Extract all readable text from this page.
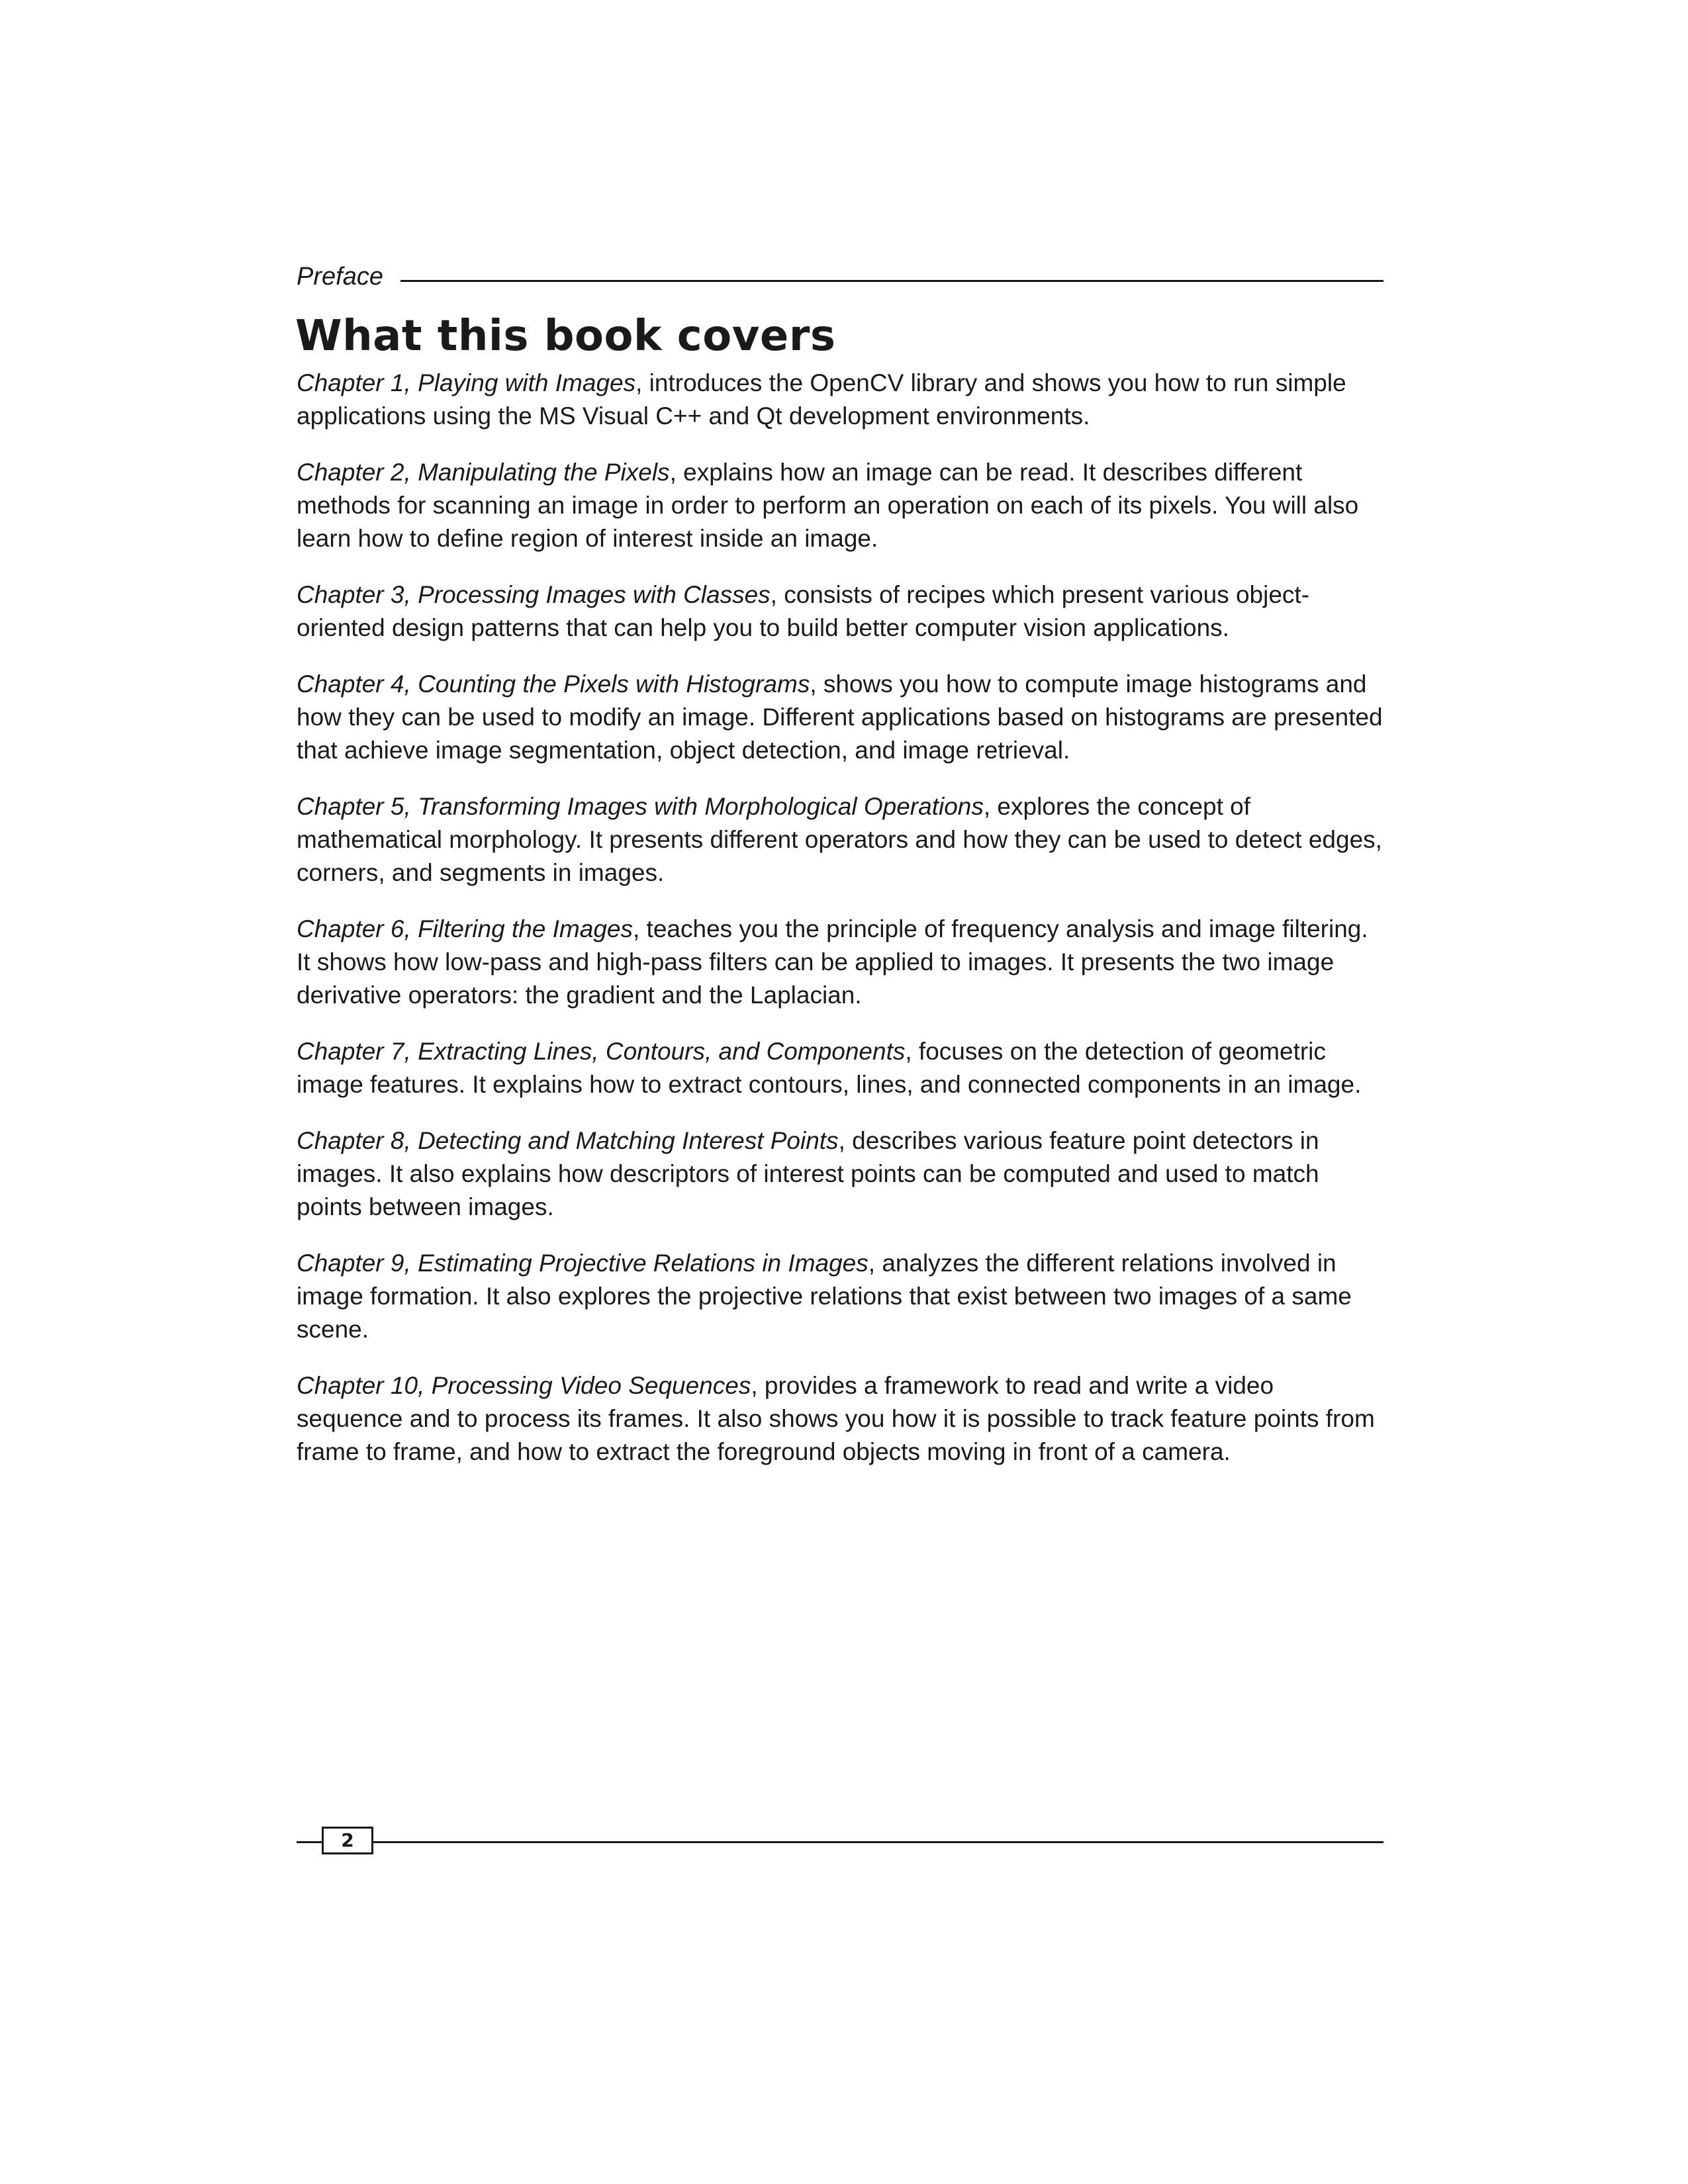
Preface
What this book covers

Chapter 1, Playing with Images, introduces the OpenCV library and shows you how to run simple applications using the MS Visual C++ and Qt development environments.

Chapter 2, Manipulating the Pixels, explains how an image can be read. It describes different methods for scanning an image in order to perform an operation on each of its pixels. You will also learn how to define region of interest inside an image.

Chapter 3, Processing Images with Classes, consists of recipes which present various object-oriented design patterns that can help you to build better computer vision applications.

Chapter 4, Counting the Pixels with Histograms, shows you how to compute image histograms and how they can be used to modify an image. Different applications based on histograms are presented that achieve image segmentation, object detection, and image retrieval.

Chapter 5, Transforming Images with Morphological Operations, explores the concept of mathematical morphology. It presents different operators and how they can be used to detect edges, corners, and segments in images.

Chapter 6, Filtering the Images, teaches you the principle of frequency analysis and image filtering. It shows how low-pass and high-pass filters can be applied to images. It presents the two image derivative operators: the gradient and the Laplacian.

Chapter 7, Extracting Lines, Contours, and Components, focuses on the detection of geometric image features. It explains how to extract contours, lines, and connected components in an image.

Chapter 8, Detecting and Matching Interest Points, describes various feature point detectors in images. It also explains how descriptors of interest points can be computed and used to match points between images.

Chapter 9, Estimating Projective Relations in Images, analyzes the different relations involved in image formation. It also explores the projective relations that exist between two images of a same scene.

Chapter 10, Processing Video Sequences, provides a framework to read and write a video sequence and to process its frames. It also shows you how it is possible to track feature points from frame to frame, and how to extract the foreground objects moving in front of a camera.

2
